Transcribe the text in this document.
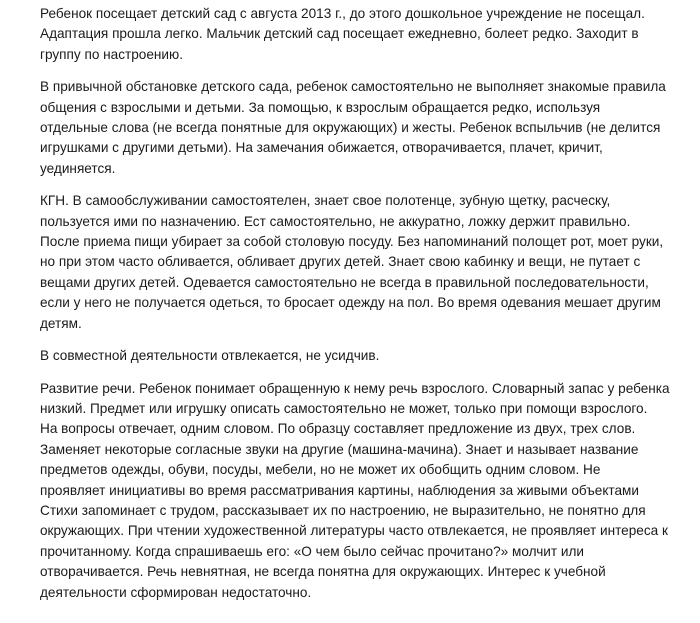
Ребенок посещает детский сад с августа 2013 г., до этого дошкольное учреждение не посещал.
Адаптация прошла легко. Мальчик детский сад посещает ежедневно, болеет редко. Заходит в
группу по настроению.
В привычной обстановке детского сада, ребенок самостоятельно не выполняет знакомые правила
общения с взрослыми и детьми. За помощью, к взрослым обращается редко, используя
отдельные слова (не всегда понятные для окружающих) и жесты. Ребенок вспыльчив (не делится
игрушками с другими детьми). На замечания обижается, отворачивается, плачет, кричит,
уединяется.
КГН. В самообслуживании самостоятелен, знает свое полотенце, зубную щетку, расческу,
пользуется ими по назначению. Ест самостоятельно, не аккуратно, ложку держит правильно.
После приема пищи убирает за собой столовую посуду. Без напоминаний полощет рот, моет руки,
но при этом часто обливается, обливает других детей. Знает свою кабинку и вещи, не путает с
вещами других детей. Одевается самостоятельно не всегда в правильной последовательности,
если у него не получается одеться, то бросает одежду на пол. Во время одевания мешает другим
детям.
В совместной деятельности отвлекается, не усидчив.
Развитие речи. Ребенок понимает обращенную к нему речь взрослого. Словарный запас у ребенка
низкий. Предмет или игрушку описать самостоятельно не может, только при помощи взрослого.
На вопросы отвечает, одним словом. По образцу составляет предложение из двух, трех слов.
Заменяет некоторые согласные звуки на другие (машина-мачина). Знает и называет название
предметов одежды, обуви, посуды, мебели, но не может их обобщить одним словом. Не
проявляет инициативы во время рассматривания картины, наблюдения за живыми объектами
Стихи запоминает с трудом, рассказывает их по настроению, не выразительно, не понятно для
окружающих. При чтении художественной литературы часто отвлекается, не проявляет интереса к
прочитанному. Когда спрашиваешь его: «О чем было сейчас прочитано?» молчит или
отворачивается. Речь невнятная, не всегда понятна для окружающих. Интерес к учебной
деятельности сформирован недостаточно.
